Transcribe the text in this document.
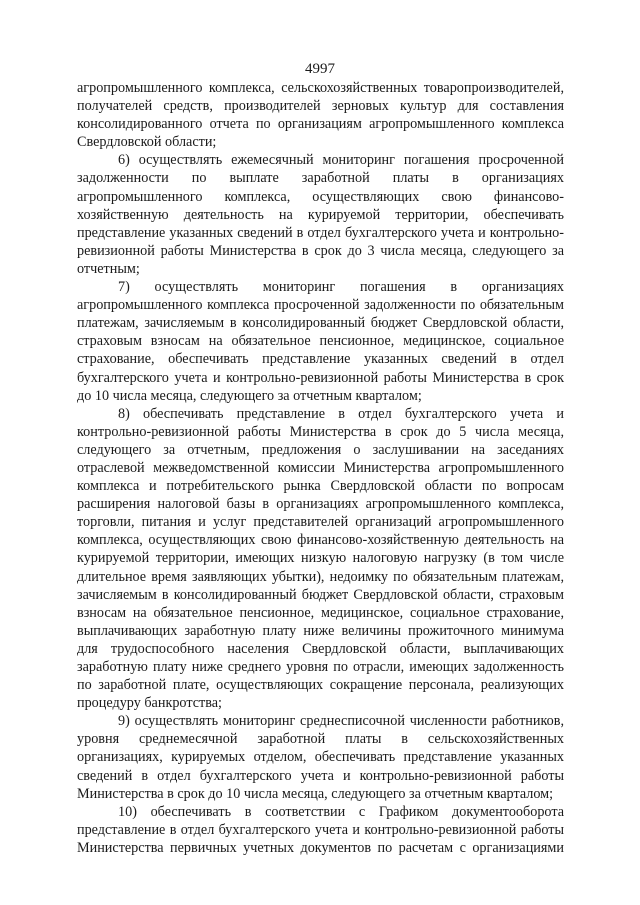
4997

агропромышленного комплекса, сельскохозяйственных товаропроизводителей, получателей средств, производителей зерновых культур для составления консолидированного отчета по организациям агропромышленного комплекса Свердловской области;

6) осуществлять ежемесячный мониторинг погашения просроченной задолженности по выплате заработной платы в организациях агропромышленного комплекса, осуществляющих свою финансово-хозяйственную деятельность на курируемой территории, обеспечивать представление указанных сведений в отдел бухгалтерского учета и контрольно-ревизионной работы Министерства в срок до 3 числа месяца, следующего за отчетным;

7) осуществлять мониторинг погашения в организациях агропромышленного комплекса просроченной задолженности по обязательным платежам, зачисляемым в консолидированный бюджет Свердловской области, страховым взносам на обязательное пенсионное, медицинское, социальное страхование, обеспечивать представление указанных сведений в отдел бухгалтерского учета и контрольно-ревизионной работы Министерства в срок до 10 числа месяца, следующего за отчетным кварталом;

8) обеспечивать представление в отдел бухгалтерского учета и контрольно-ревизионной работы Министерства в срок до 5 числа месяца, следующего за отчетным, предложения о заслушивании на заседаниях отраслевой межведомственной комиссии Министерства агропромышленного комплекса и потребительского рынка Свердловской области по вопросам расширения налоговой базы в организациях агропромышленного комплекса, торговли, питания и услуг представителей организаций агропромышленного комплекса, осуществляющих свою финансово-хозяйственную деятельность на курируемой территории, имеющих низкую налоговую нагрузку (в том числе длительное время заявляющих убытки), недоимку по обязательным платежам, зачисляемым в консолидированный бюджет Свердловской области, страховым взносам на обязательное пенсионное, медицинское, социальное страхование, выплачивающих заработную плату ниже величины прожиточного минимума для трудоспособного населения Свердловской области, выплачивающих заработную плату ниже среднего уровня по отрасли, имеющих задолженность по заработной плате, осуществляющих сокращение персонала, реализующих процедуру банкротства;

9) осуществлять мониторинг среднесписочной численности работников, уровня среднемесячной заработной платы в сельскохозяйственных организациях, курируемых отделом, обеспечивать представление указанных сведений в отдел бухгалтерского учета и контрольно-ревизионной работы Министерства в срок до 10 числа месяца, следующего за отчетным кварталом;

10) обеспечивать в соответствии с Графиком документооборота представление в отдел бухгалтерского учета и контрольно-ревизионной работы Министерства первичных учетных документов по расчетам с организациями
